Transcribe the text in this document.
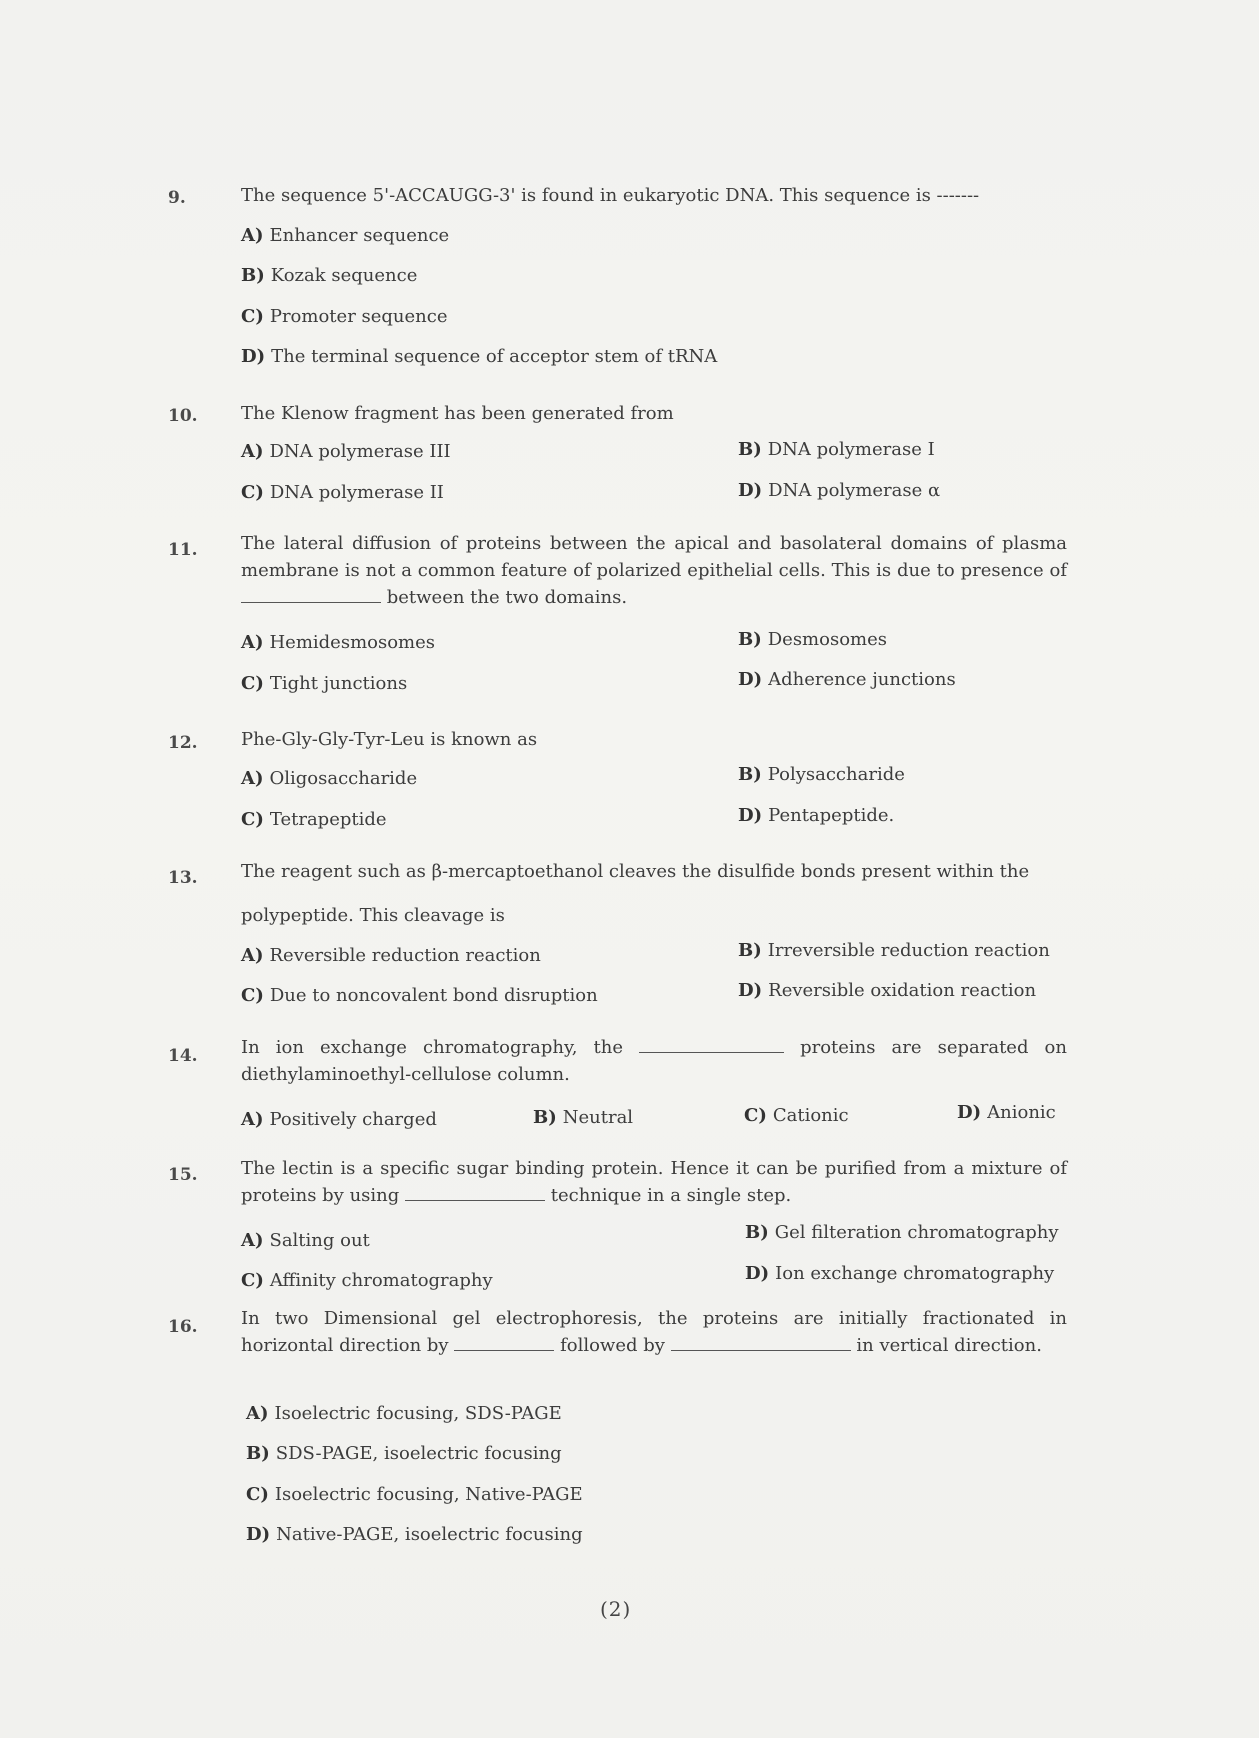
9.	The sequence 5'-ACCAUGG-3' is found in eukaryotic DNA. This sequence is -------
A) Enhancer sequence
B) Kozak sequence
C) Promoter sequence
D) The terminal sequence of acceptor stem of tRNA
10. The Klenow fragment has been generated from
A) DNA polymerase III	B) DNA polymerase I
C) DNA polymerase II	D) DNA polymerase α
11. The lateral diffusion of proteins between the apical and basolateral domains of plasma membrane is not a common feature of polarized epithelial cells. This is due to presence of  between the two domains.
A) Hemidesmosomes	B) Desmosomes
C) Tight junctions	D) Adherence junctions
12. Phe-Gly-Gly-Tyr-Leu is known as
A) Oligosaccharide	B) Polysaccharide
C) Tetrapeptide	D) Pentapeptide.
13. The reagent such as β-mercaptoethanol cleaves the disulfide bonds present within the
polypeptide. This cleavage is
A) Reversible reduction reaction	B) Irreversible reduction reaction
C) Due to noncovalent bond disruption	D) Reversible oxidation reaction
14. In ion exchange chromatography, the	proteins are separated on diethylaminoethyl-cellulose column.
A) Positively charged	B) Neutral	C) Cationic	D) Anionic
15. The lectin is a specific sugar binding protein. Hence it can be purified from a mixture of proteins by using	technique in a single step.
A) Salting out	B) Gel filteration chromatography
C) Affinity chromatography	D) Ion exchange chromatography
16. In two Dimensional gel electrophoresis, the proteins are initially fractionated in horizontal direction by	followed by	in vertical direction.
A) Isoelectric focusing, SDS-PAGE
B) SDS-PAGE, isoelectric focusing
C) Isoelectric focusing, Native-PAGE
D) Native-PAGE, isoelectric focusing
(2)
